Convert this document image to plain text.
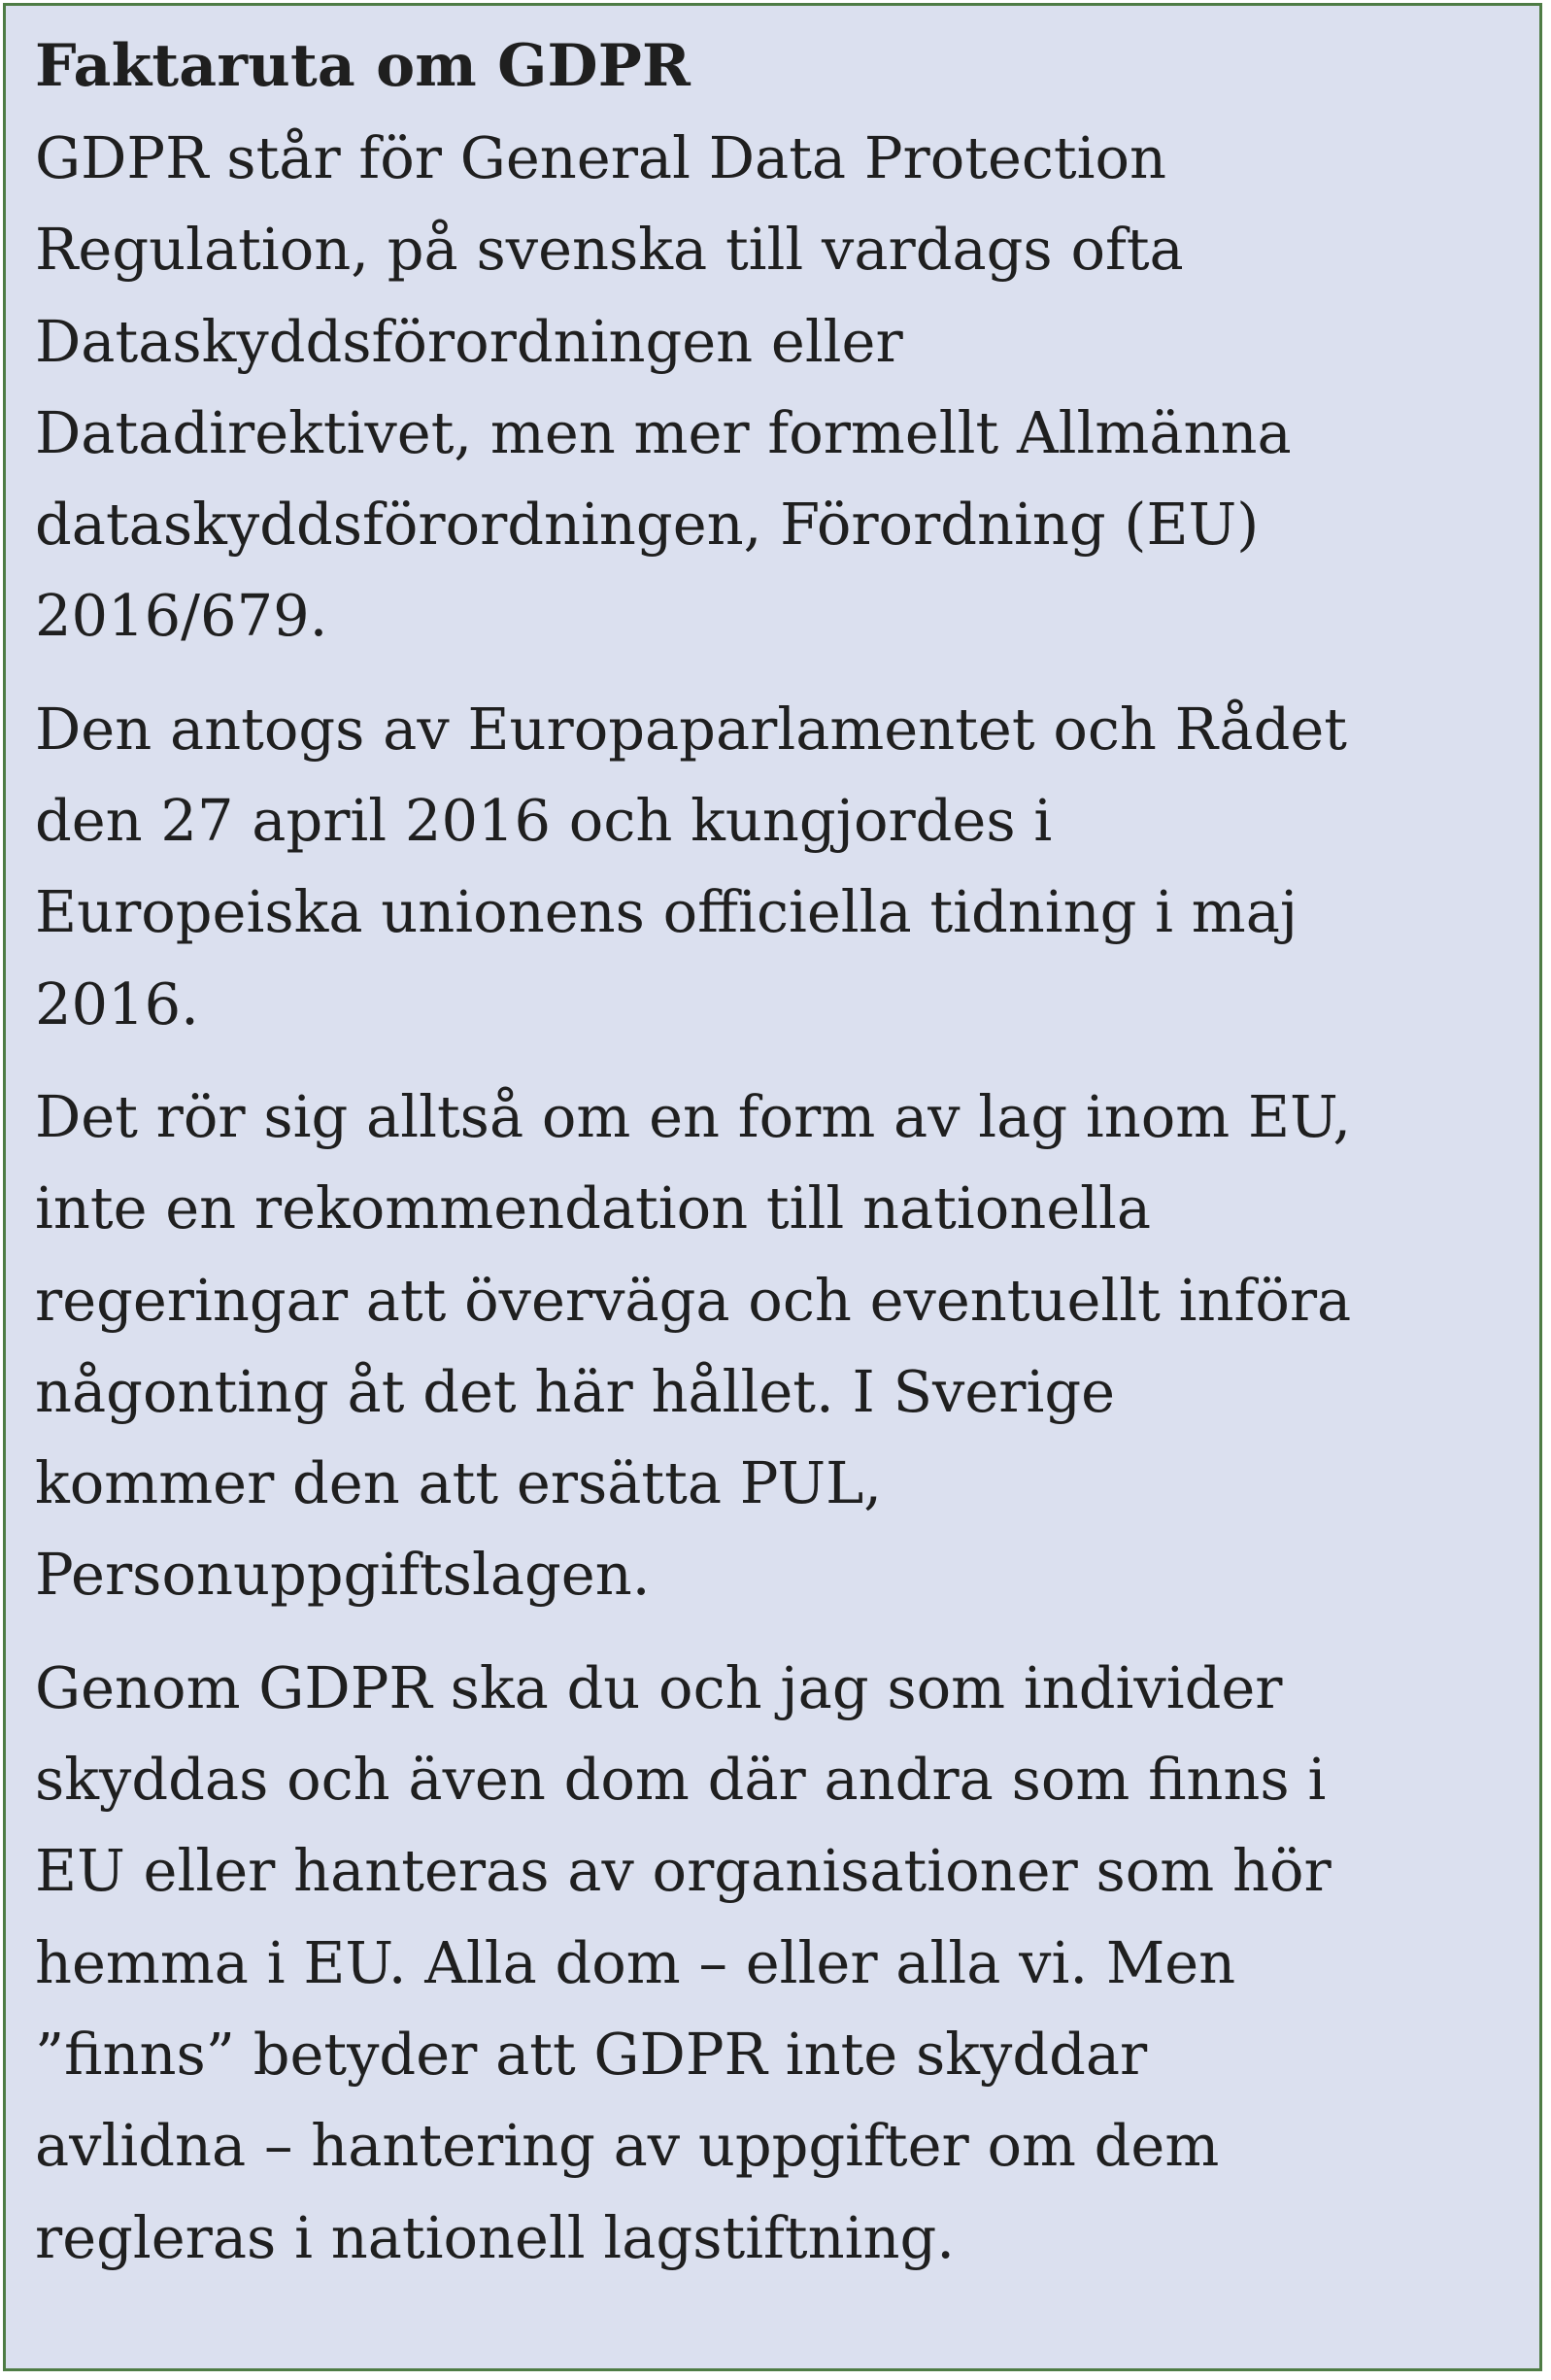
Faktaruta om GDPR
GDPR står för General Data Protection
Regulation, på svenska till vardags ofta
Dataskyddsförordningen eller
Datadirektivet, men mer formellt Allmänna
dataskyddsförordningen, Förordning (EU)
2016/679.
Den antogs av Europaparlamentet och Rådet
den 27 april 2016 och kungjordes i
Europeiska unionens officiella tidning i maj
2016.
Det rör sig alltså om en form av lag inom EU,
inte en rekommendation till nationella
regeringar att överväga och eventuellt införa
någonting åt det här hållet. I Sverige
kommer den att ersätta PUL,
Personuppgiftslagen.
Genom GDPR ska du och jag som individer
skyddas och även dom där andra som finns i
EU eller hanteras av organisationer som hör
hemma i EU. Alla dom – eller alla vi. Men
”finns” betyder att GDPR inte skyddar
avlidna – hantering av uppgifter om dem
regleras i nationell lagstiftning.
